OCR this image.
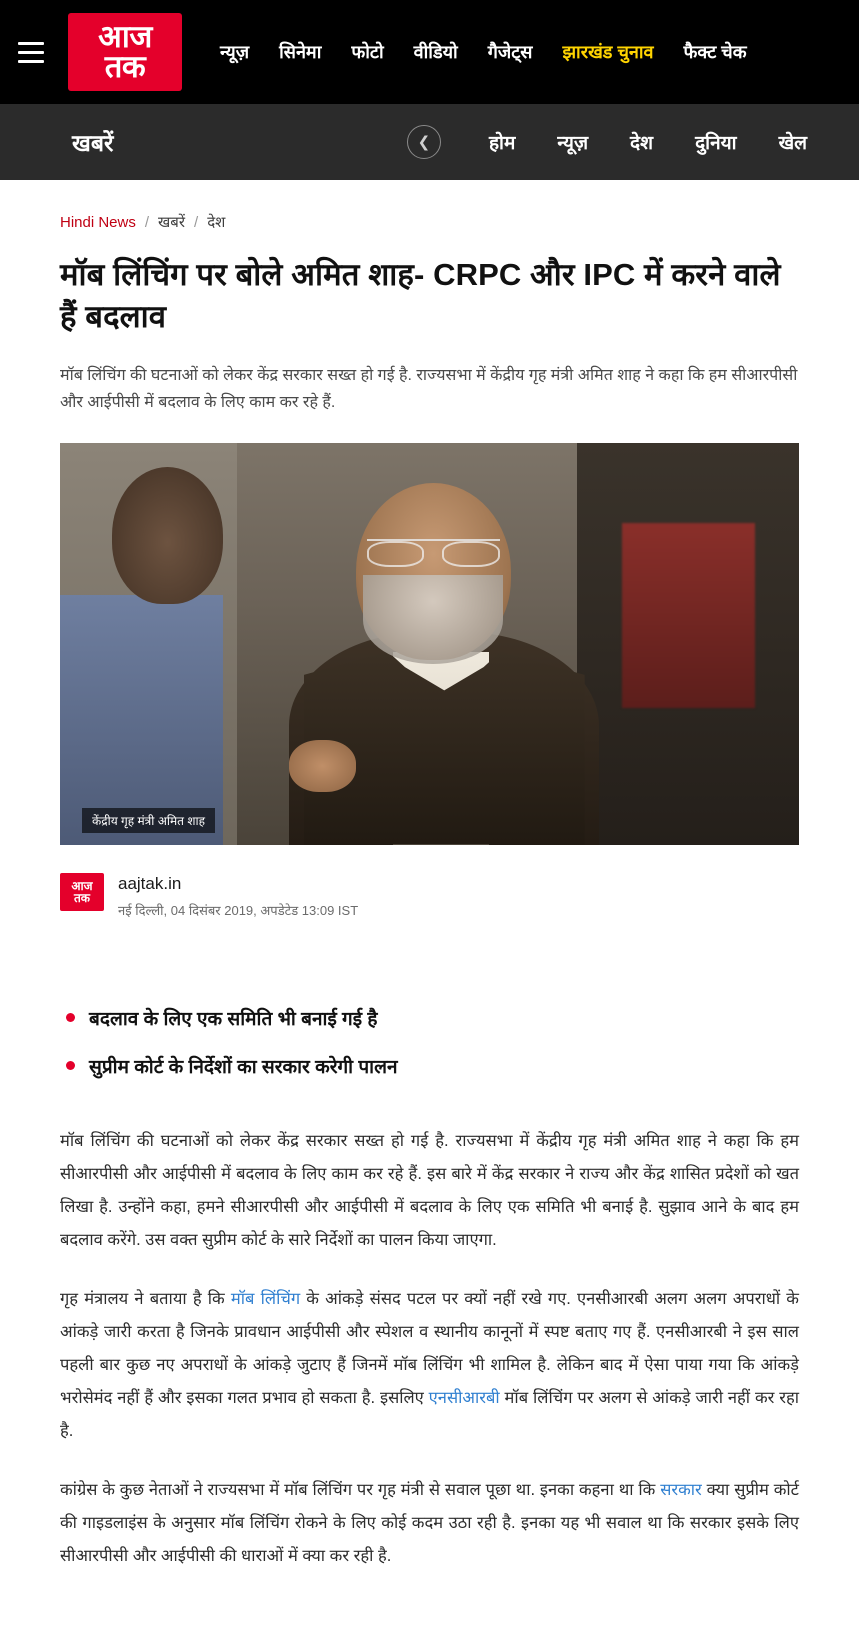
आज
तक	न्यूज़ सिनेमा फोटो वीडियो गैजेट्स झारखंड चुनाव फैक्ट चेक
खबरें	❮	होम न्यूज़ देश दुनिया खेल
Hindi News / खबरें / देश
मॉब लिंचिंग पर बोले अमित शाह- CRPC और IPC में करने वाले हैं बदलाव

मॉब लिंचिंग की घटनाओं को लेकर केंद्र सरकार सख्त हो गई है. राज्यसभा में केंद्रीय गृह मंत्री अमित शाह ने कहा कि हम सीआरपीसी और आईपीसी में बदलाव के लिए काम कर रहे हैं.

केंद्रीय गृह मंत्री अमित शाह
आज
तक
aajtak.in
नई दिल्ली, 04 दिसंबर 2019, अपडेटेड 13:09 IST
बदलाव के लिए एक समिति भी बनाई गई है
सुप्रीम कोर्ट के निर्देशों का सरकार करेगी पालन

मॉब लिंचिंग की घटनाओं को लेकर केंद्र सरकार सख्त हो गई है. राज्यसभा में केंद्रीय गृह मंत्री अमित शाह ने कहा कि हम सीआरपीसी और आईपीसी में बदलाव के लिए काम कर रहे हैं. इस बारे में केंद्र सरकार ने राज्य और केंद्र शासित प्रदेशों को खत लिखा है. उन्होंने कहा, हमने सीआरपीसी और आईपीसी में बदलाव के लिए एक समिति भी बनाई है. सुझाव आने के बाद हम बदलाव करेंगे. उस वक्त सुप्रीम कोर्ट के सारे निर्देशों का पालन किया जाएगा.

गृह मंत्रालय ने बताया है कि मॉब लिंचिंग के आंकड़े संसद पटल पर क्यों नहीं रखे गए. एनसीआरबी अलग अलग अपराधों के आंकड़े जारी करता है जिनके प्रावधान आईपीसी और स्पेशल व स्थानीय कानूनों में स्पष्ट बताए गए हैं. एनसीआरबी ने इस साल पहली बार कुछ नए अपराधों के आंकड़े जुटाए हैं जिनमें मॉब लिंचिंग भी शामिल है. लेकिन बाद में ऐसा पाया गया कि आंकड़े भरोसेमंद नहीं हैं और इसका गलत प्रभाव हो सकता है. इसलिए एनसीआरबी मॉब लिंचिंग पर अलग से आंकड़े जारी नहीं कर रहा है.

कांग्रेस के कुछ नेताओं ने राज्यसभा में मॉब लिंचिंग पर गृह मंत्री से सवाल पूछा था. इनका कहना था कि सरकार क्या सुप्रीम कोर्ट की गाइडलाइंस के अनुसार मॉब लिंचिंग रोकने के लिए कोई कदम उठा रही है. इनका यह भी सवाल था कि सरकार इसके लिए सीआरपीसी और आईपीसी की धाराओं में क्या कर रही है.
